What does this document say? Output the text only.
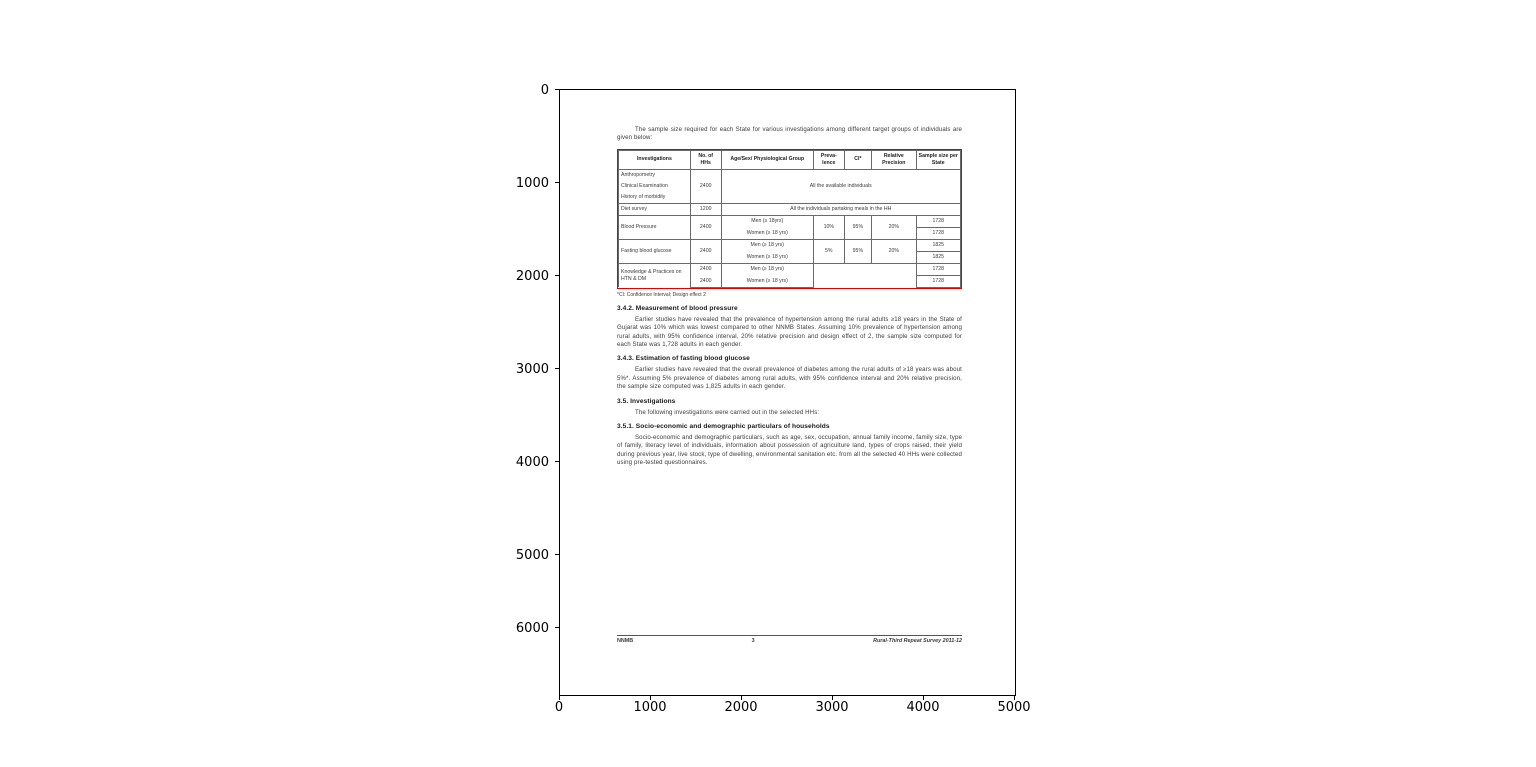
0
1000
2000
3000
4000
5000
6000
0	1000	2000	3000	4000	5000

The sample size required for each State for various investigations among different target groups of individuals are given below:

Investigations	No. of HHs	Age/Sex/ Physiological Group	Preva- lence	CI*	Relative Precision	Sample size per State
Anthropometry	2400	All the available individuals				
Clinical Examination						
History of morbidity						
Diet survey	1200	All the individuals partaking meals in the HH				
Blood Pressure	2400	Men (≥ 18yrs)	10%	95%	20%	1728
		Women (≥ 18 yrs)				1728
Fasting blood glucose	2400	Men (≥ 18 yrs)	5%	95%	20%	1825
		Women (≥ 18 yrs)				1825
Knowledge & Practices on HTN & DM	2400	Men (≥ 18 yrs)				1728
	2400	Women (≥ 18 yrs)				1728

*CI: Confidence Interval; Design effect 2

3.4.2. Measurement of blood pressure

Earlier studies have revealed that the prevalence of hypertension among the rural adults ≥18 years in the State of Gujarat was 10% which was lowest compared to other NNMB States. Assuming 10% prevalence of hypertension among rural adults, with 95% confidence interval, 20% relative precision and design effect of 2, the sample size computed for each State was 1,728 adults in each gender.

3.4.3. Estimation of fasting blood glucose

Earlier studies have revealed that the overall prevalence of diabetes among the rural adults of ≥18 years was about 5%*. Assuming 5% prevalence of diabetes among rural adults, with 95% confidence interval and 20% relative precision, the sample size computed was 1,825 adults in each gender.

3.5. Investigations

The following investigations were carried out in the selected HHs:

3.5.1. Socio-economic and demographic particulars of households

Socio-economic and demographic particulars, such as age, sex, occupation, annual family income, family size, type of family, literacy level of individuals, information about possession of agriculture land, types of crops raised, their yield during previous year, live stock, type of dwelling, environmental sanitation etc. from all the selected 40 HHs were collected using pre-tested questionnaires.

NNMB	3	Rural-Third Repeat Survey 2011-12
